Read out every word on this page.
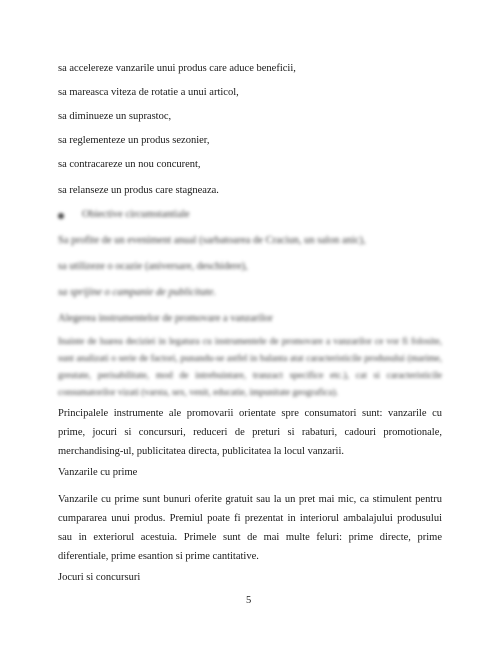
sa accelereze vanzarile unui produs care aduce beneficii,
sa mareasca viteza de rotatie a unui articol,
sa diminueze un suprastoc,
sa reglementeze un produs sezonier,
sa contracareze un nou concurent,
sa relanseze un produs care stagneaza.
Obiective circumstantiale
Sa profite de un eveniment anual (sarbatoarea de Craciun, un salon anic),
sa utilizeze o ocazie (aniversare, deschidere),
sa sprijine o campanie de publicitate.
Alegerea instrumentelor de promovare a vanzarilor
Inainte de luarea deciziei in legatura cu instrumentele de promovare a vanzarilor ce vor fi folosite, sunt analizati o serie de factori, punandu-se astfel in balanta atat caracteristicile produsului (marime, greutate, perisabilitate, mod de intrebuintare, tranzact specifice etc.), cat si caracteristicile consumatorilor vizati (varsta, sex, venit, educatie, impunitate geografica).
Principalele instrumente ale promovarii orientate spre consumatori sunt: vanzarile cu prime, jocuri si concursuri, reduceri de preturi si rabaturi, cadouri promotionale, merchandising-ul, publicitatea directa, publicitatea la locul vanzarii.
Vanzarile cu prime
Vanzarile cu prime sunt bunuri oferite gratuit sau la un pret mai mic, ca stimulent pentru cumpararea unui produs. Premiul poate fi prezentat in interiorul ambalajului produsului sau in exteriorul acestuia. Primele sunt de mai multe feluri: prime directe, prime diferentiale, prime esantion si prime cantitative.
Jocuri si concursuri
5
